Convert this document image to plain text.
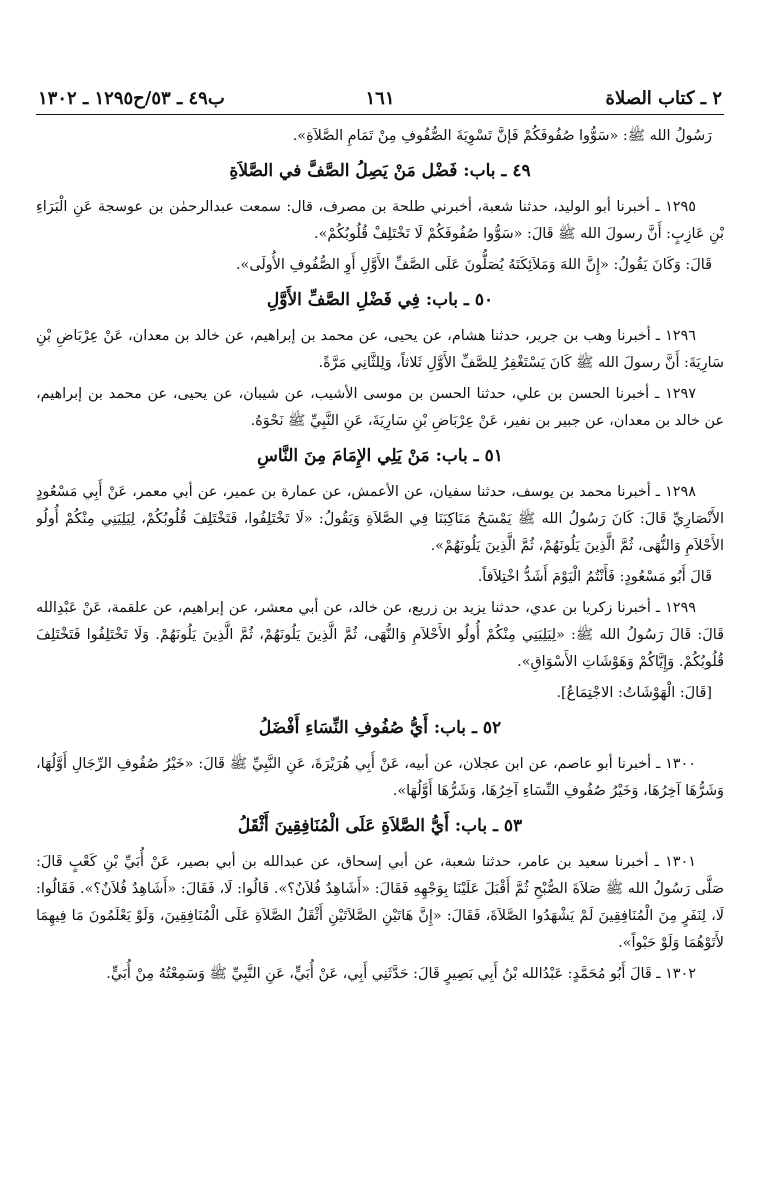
٢ ـ كتاب الصلاة
١٦١
ب٤٩ ـ ٥٣/ح١٢٩٥ ـ ١٣٠٢

رَسُولُ الله ﷺ: «سَوُّوا صُفُوفَكُمْ فَإنَّ تَسْوِيَةَ الصُّفُوفِ مِنْ تَمَامِ الصَّلاَةِ».

٤٩ ـ باب: فَضْل مَنْ يَصِلُ الصَّفَّ في الصَّلاَةِ

١٢٩٥ ـ أخبرنا أبو الوليد، حدثنا شعبة، أخبرني طلحة بن مصرف، قال: سمعت عبدالرحمٰن بن عوسجة عَنِ الْبَرَاءِ بْنِ عَازِبٍ: أَنَّ رسولَ الله ﷺ قَالَ: «سَوُّوا صُفُوفَكُمْ لَا تَخْتَلِفْ قُلُوبُكُمْ».

قَالَ: وَكَانَ يَقُولُ: «إِنَّ اللهَ وَمَلاَئِكَتَهُ يُصَلُّونَ عَلَى الصَّفِّ الأَوَّلِ أَوِ الصُّفُوفِ الأُولَى».

٥٠ ـ باب: فِي فَضْلِ الصَّفِّ الأَوَّلِ

١٢٩٦ ـ أخبرنا وهب بن جرير، حدثنا هشام، عن يحيى، عن محمد بن إبراهيم، عن خالد بن معدان، عَنْ عِرْبَاضِ بْنِ سَارِيَةَ: أَنَّ رسولَ الله ﷺ كَانَ يَسْتَغْفِرُ لِلصَّفِّ الأَوَّلِ ثَلاثاً، وَلِلثَّانِي مَرَّةً.

١٢٩٧ ـ أخبرنا الحسن بن علي، حدثنا الحسن بن موسى الأشيب، عن شيبان، عن يحيى، عن محمد بن إبراهيم، عن خالد بن معدان، عن جبير بن نفير، عَنْ عِرْبَاضِ بْنِ سَارِيَةَ، عَنِ النَّبِيِّ ﷺ نَحْوَهُ.

٥١ ـ باب: مَنْ يَلِي الإِمَامَ مِنَ النَّاسِ

١٢٩٨ ـ أخبرنا محمد بن يوسف، حدثنا سفيان، عن الأعمش، عن عمارة بن عمير، عن أبي معمر، عَنْ أَبِي مَسْعُودٍ الأَنْصَارِيِّ قَالَ: كَانَ رَسُولُ الله ﷺ يَمْسَحُ مَنَاكِبَنَا فِي الصَّلاَةِ وَيَقُولُ: «لَا تَخْتَلِفُوا، فَتَخْتَلِفَ قُلُوبُكُمْ، لِيَلِيَنِي مِنْكُمْ أُولُو الأَحْلاَمِ وَالنُّهَى، ثُمَّ الَّذِينَ يَلُونَهُمْ، ثُمَّ الَّذِينَ يَلُونَهُمْ».

قَالَ أَبُو مَسْعُودٍ: فَأَنْتُمُ الْيَوْمَ أَشَدُّ اخْتِلاَفاً.

١٢٩٩ ـ أخبرنا زكريا بن عدي، حدثنا يزيد بن زريع، عن خالد، عن أبي معشر، عن إبراهيم، عن علقمة، عَنْ عَبْدِالله قَالَ: قَالَ رَسُولُ الله ﷺ: «لِيَلِيَنِي مِنْكُمْ أُولُو الأَحْلاَمِ وَالنُّهَى، ثُمَّ الَّذِينَ يَلُونَهُمْ، ثُمَّ الَّذِينَ يَلُونَهُمْ. وَلَا تَخْتَلِفُوا فَتَخْتَلِفَ قُلُوبُكُمْ. وَإِيَّاكُمْ وَهَوْشَاتِ الأَسْوَاقِ».

[قَالَ: الْهَوْشَاتُ: الاجْتِمَاعُ].

٥٢ ـ باب: أَيُّ صُفُوفِ النِّسَاءِ أَفْضَلُ

١٣٠٠ ـ أخبرنا أبو عاصم، عن ابن عجلان، عن أبيه، عَنْ أَبِي هُرَيْرَةَ، عَنِ النَّبِيِّ ﷺ قَالَ: «خَيْرُ صُفُوفِ الرِّجَالِ أَوَّلُهَا، وَشَرُّهَا آخِرُهَا، وَخَيْرُ صُفُوفِ النِّسَاءِ آخِرُهَا، وَشَرُّهَا أَوَّلُهَا».

٥٣ ـ باب: أَيُّ الصَّلاَةِ عَلَى الْمُنَافِقِينَ أَثْقَلُ

١٣٠١ ـ أخبرنا سعيد بن عامر، حدثنا شعبة، عن أبي إسحاق، عن عبدالله بن أبي بصير، عَنْ أُبَيِّ بْنِ كَعْبٍ قَالَ: صَلَّى رَسُولُ الله ﷺ صَلاَةَ الصُّبْحِ ثُمَّ أَقْبَلَ عَلَيْنَا بِوَجْهِهِ فَقَالَ: «أَشَاهِدٌ فُلاَنٌ؟». قَالُوا: لَا، فَقَالَ: «أَشَاهِدٌ فُلاَنٌ؟». فَقَالُوا: لَا، لِنَفَرٍ مِنَ الْمُنَافِقِينَ لَمْ يَشْهَدُوا الصَّلاَةَ، فَقَالَ: «إِنَّ هَاتَيْنِ الصَّلاَتَيْنِ أَثْقَلُ الصَّلاَةِ عَلَى الْمُنَافِقِينَ، وَلَوْ يَعْلَمُونَ مَا فِيهِمَا لأَتَوْهُمَا وَلَوْ حَبْواً».

١٣٠٢ ـ قَالَ أَبُو مُحَمَّدٍ: عَبْدُالله بْنُ أَبِي بَصِيرٍ قَالَ: حَدَّثَنِي أَبِي، عَنْ أُبَيٍّ، عَنِ النَّبِيِّ ﷺ وَسَمِعْتُهُ مِنْ أُبَيٍّ.
